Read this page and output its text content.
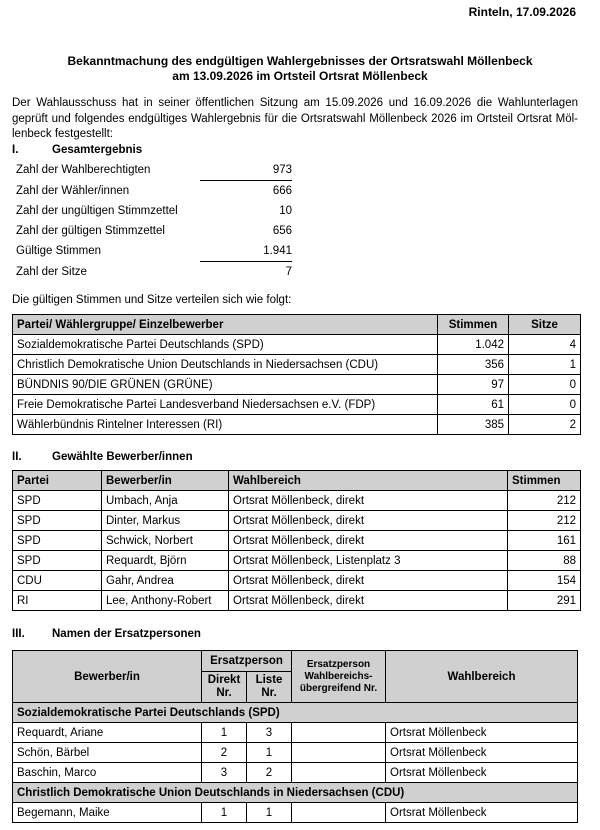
Rinteln, 17.09.2026
Bekanntmachung des endgültigen Wahlergebnisses der Ortsratswahl Möllenbeck
am 13.09.2026 im Ortsteil Ortsrat Möllenbeck
Der Wahlausschuss hat in seiner öffentlichen Sitzung am 15.09.2026 und 16.09.2026 die Wahlunterlagen geprüft und folgendes endgültiges Wahlergebnis für die Ortsratswahl Möllenbeck 2026 im Ortsteil Ortsrat Möl-lenbeck festgestellt:
I.	Gesamtergebnis
Zahl der Wahlberechtigten	973
Zahl der Wähler/innen	666
Zahl der ungültigen Stimmzettel	10
Zahl der gültigen Stimmzettel	656
Gültige Stimmen	1.941
Zahl der Sitze	7
Die gültigen Stimmen und Sitze verteilen sich wie folgt:
Partei/ Wählergruppe/ Einzelbewerber	Stimmen	Sitze
Sozialdemokratische Partei Deutschlands (SPD)	1.042	4
Christlich Demokratische Union Deutschlands in Niedersachsen (CDU)	356	1
BÜNDNIS 90/DIE GRÜNEN (GRÜNE)	97	0
Freie Demokratische Partei Landesverband Niedersachsen e.V. (FDP)	61	0
Wählerbündnis Rintelner Interessen (RI)	385	2
II.	Gewählte Bewerber/innen
Partei	Bewerber/in	Wahlbereich	Stimmen
SPD	Umbach, Anja	Ortsrat Möllenbeck, direkt	212
SPD	Dinter, Markus	Ortsrat Möllenbeck, direkt	212
SPD	Schwick, Norbert	Ortsrat Möllenbeck, direkt	161
SPD	Requardt, Björn	Ortsrat Möllenbeck, Listenplatz 3	88
CDU	Gahr, Andrea	Ortsrat Möllenbeck, direkt	154
RI	Lee, Anthony-Robert	Ortsrat Möllenbeck, direkt	291
III. Namen der Ersatzpersonen
Bewerber/in	Ersatzperson		Ersatzperson Wahlbereichs-übergreifend Nr.	Wahlbereich
	Direkt Nr.	Liste Nr.		
Sozialdemokratische Partei Deutschlands (SPD)				
Requardt, Ariane	1	3		Ortsrat Möllenbeck
Schön, Bärbel	2	1		Ortsrat Möllenbeck
Baschin, Marco	3	2		Ortsrat Möllenbeck
Christlich Demokratische Union Deutschlands in Niedersachsen (CDU)				
Begemann, Maike	1	1		Ortsrat Möllenbeck
